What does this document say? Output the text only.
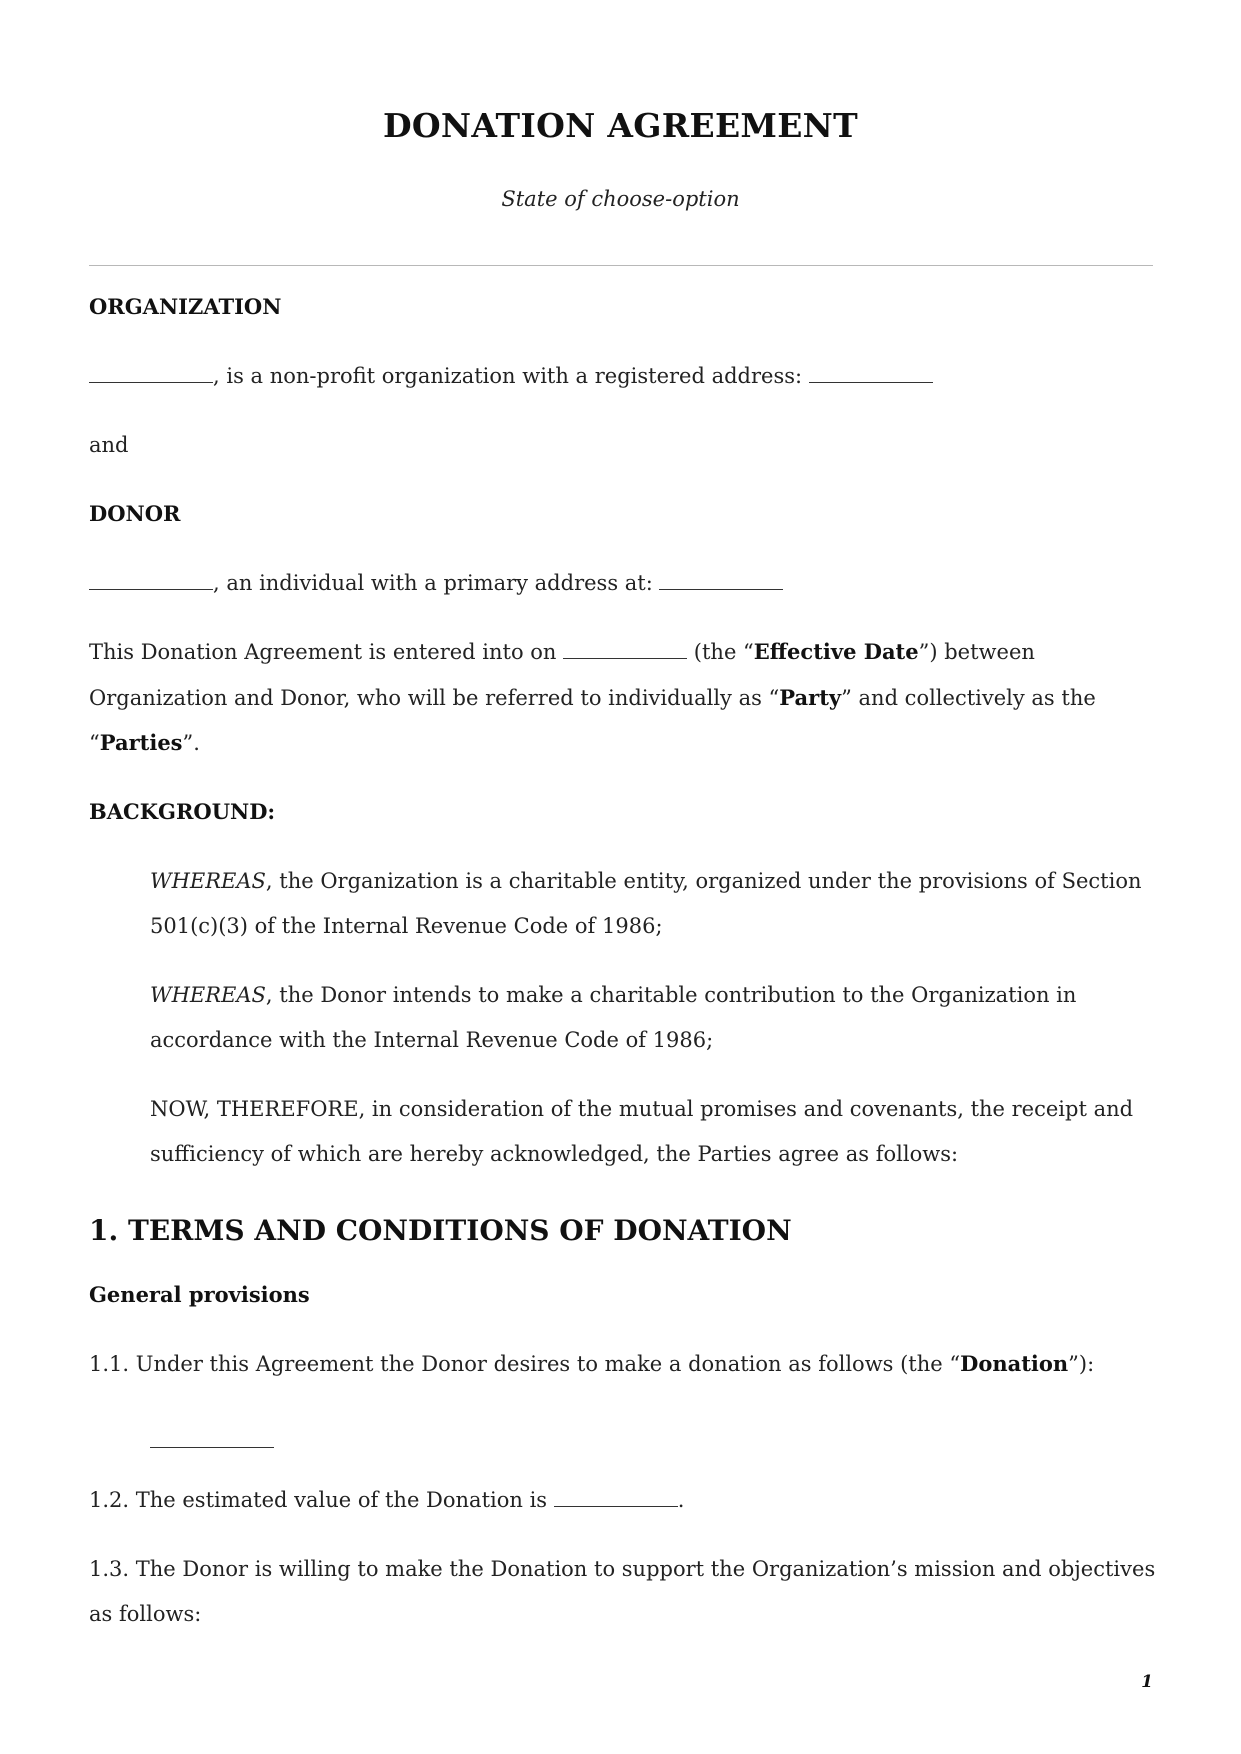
DONATION AGREEMENT
State of choose-option
ORGANIZATION
, is a non-profit organization with a registered address:
and
DONOR
, an individual with a primary address at:
This Donation Agreement is entered into on	(the “Effective Date”) between
Organization and Donor, who will be referred to individually as “Party” and collectively as the
“Parties”.
BACKGROUND:
WHEREAS, the Organization is a charitable entity, organized under the provisions of Section
501(c)(3) of the Internal Revenue Code of 1986;
WHEREAS, the Donor intends to make a charitable contribution to the Organization in
accordance with the Internal Revenue Code of 1986;
NOW, THEREFORE, in consideration of the mutual promises and covenants, the receipt and
sufficiency of which are hereby acknowledged, the Parties agree as follows:
1. TERMS AND CONDITIONS OF DONATION
General provisions
1.1. Under this Agreement the Donor desires to make a donation as follows (the “Donation”):
1.2. The estimated value of the Donation is	.
1.3. The Donor is willing to make the Donation to support the Organization’s mission and objectives
as follows:
1
